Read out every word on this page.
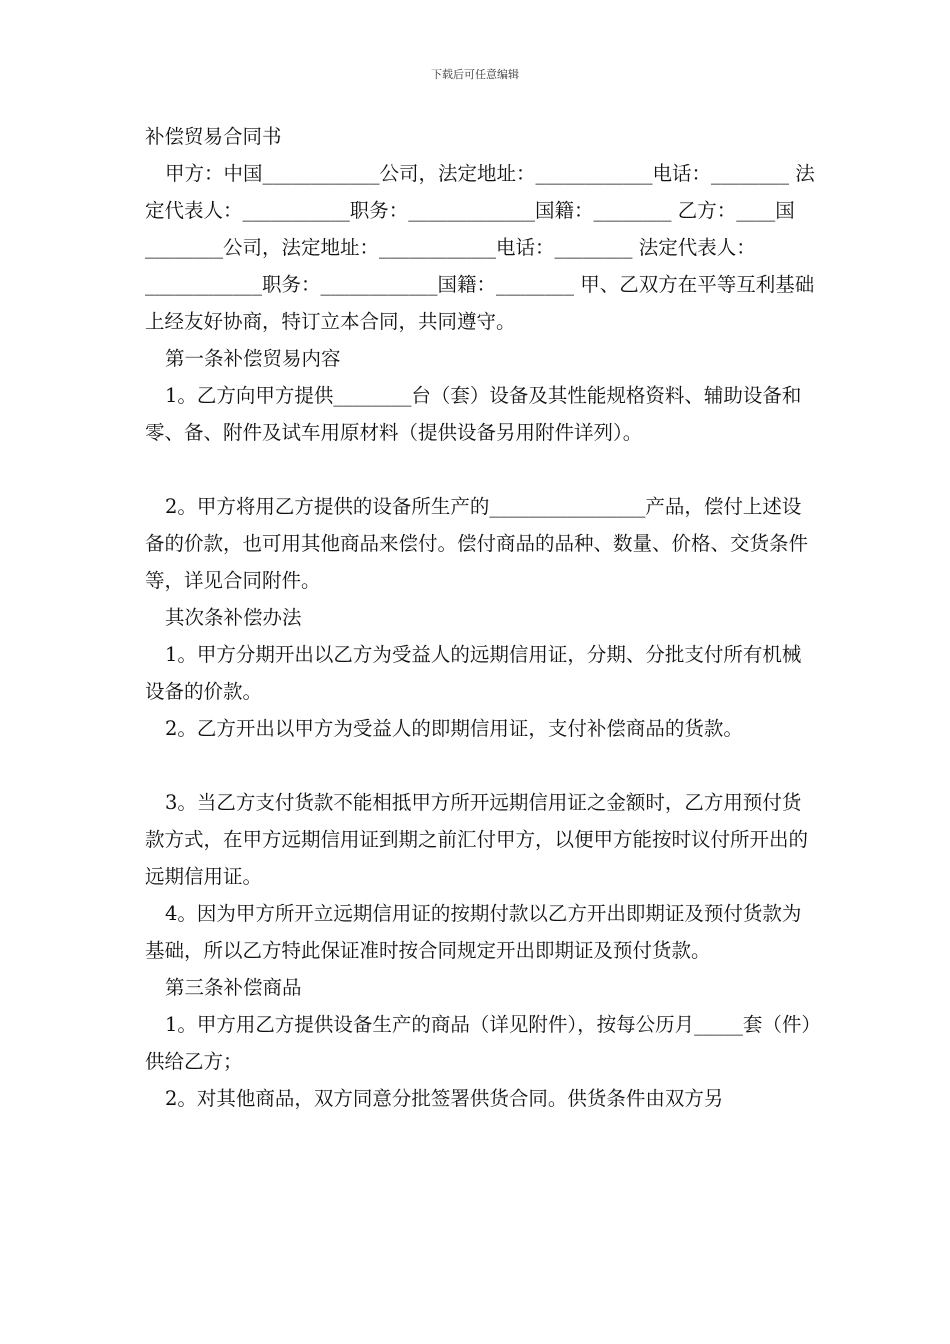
下载后可任意编辑

补偿贸易合同书

甲方：中国____________公司，法定地址：____________电话：________ 法定代表人：___________职务：_____________国籍：________ 乙方：____国________公司，法定地址：____________电话：________ 法定代表人：____________职务：____________国籍：________ 甲、乙双方在平等互利基础上经友好协商，特订立本合同，共同遵守。

第一条补偿贸易内容

1。乙方向甲方提供________台（套）设备及其性能规格资料、辅助设备和零、备、附件及试车用原材料（提供设备另用附件详列）。

2。甲方将用乙方提供的设备所生产的________________产品，偿付上述设备的价款，也可用其他商品来偿付。偿付商品的品种、数量、价格、交货条件等，详见合同附件。

其次条补偿办法

1。甲方分期开出以乙方为受益人的远期信用证，分期、分批支付所有机械设备的价款。

2。乙方开出以甲方为受益人的即期信用证，支付补偿商品的货款。

3。当乙方支付货款不能相抵甲方所开远期信用证之金额时，乙方用预付货款方式，在甲方远期信用证到期之前汇付甲方，以便甲方能按时议付所开出的远期信用证。

4。因为甲方所开立远期信用证的按期付款以乙方开出即期证及预付货款为基础，所以乙方特此保证准时按合同规定开出即期证及预付货款。

第三条补偿商品

1。甲方用乙方提供设备生产的商品（详见附件），按每公历月_____套（件）供给乙方；

2。对其他商品，双方同意分批签署供货合同。供货条件由双方另
